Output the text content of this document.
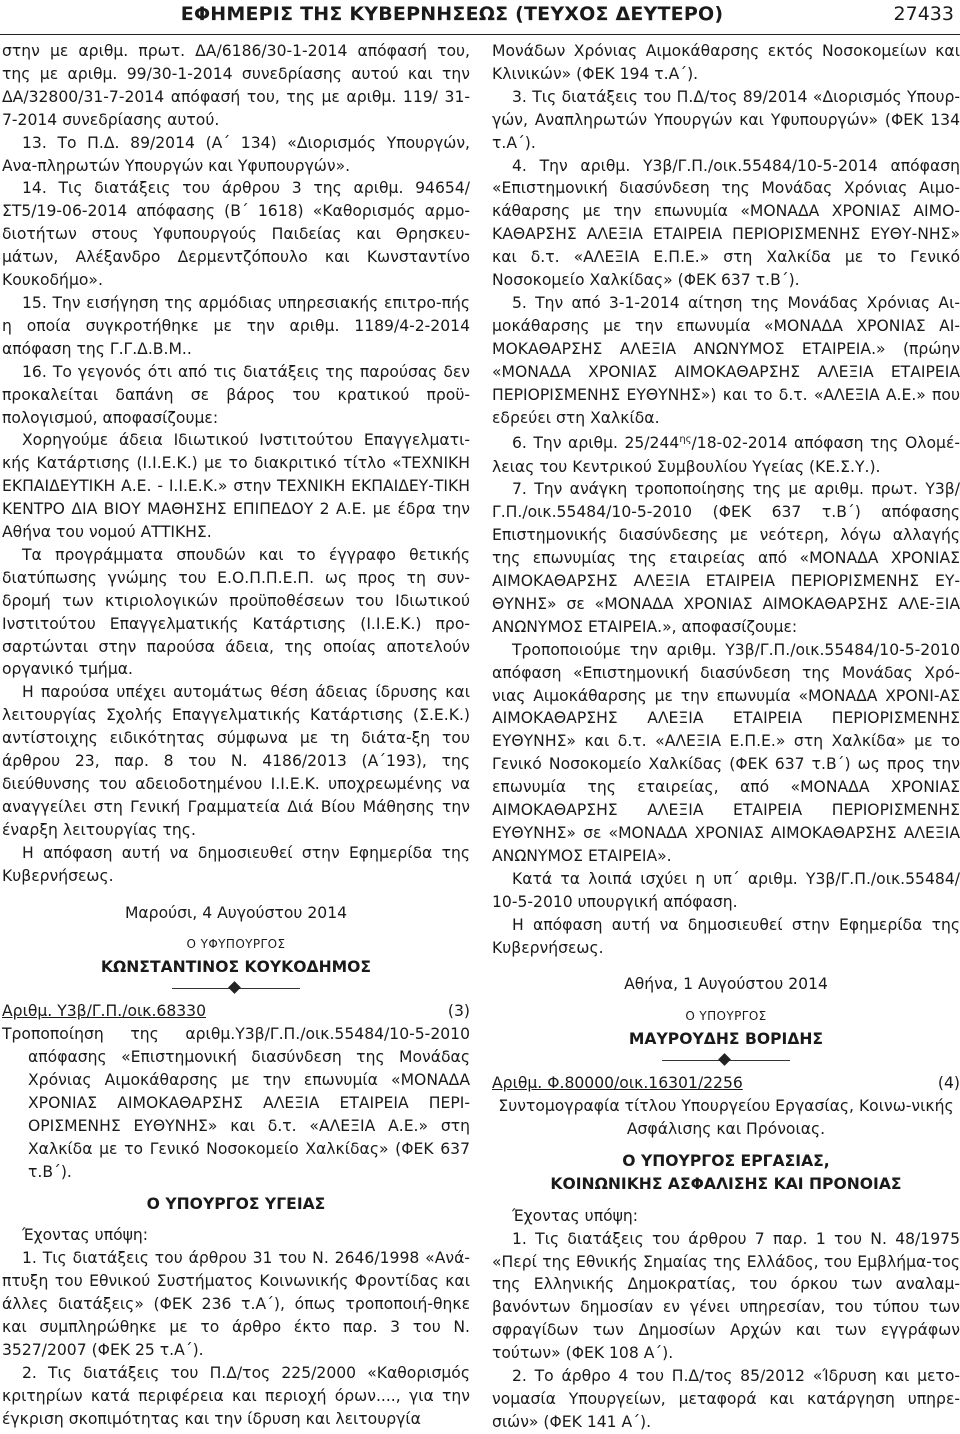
ΕΦΗΜΕΡΙΣ ΤΗΣ ΚΥΒΕΡΝΗΣΕΩΣ (ΤΕΥΧΟΣ ΔΕΥΤΕΡΟ)	27433

στην με αριθμ. πρωτ. ΔΑ/6186/30-1-2014 απόφασή του, της με αριθμ. 99/30-1-2014 συνεδρίασης αυτού και την ΔΑ/32800/31-7-2014 απόφασή του, της με αριθμ. 119/ 31-7-2014 συνεδρίασης αυτού.

13. Το Π.Δ. 89/2014 (Α΄ 134) «Διορισμός Υπουργών, Ανα-πληρωτών Υπουργών και Υφυπουργών».

14. Τις διατάξεις του άρθρου 3 της αριθμ. 94654/ ΣΤ5/19-06-2014 απόφασης (Β΄ 1618) «Καθορισμός αρμο-διοτήτων στους Υφυπουργούς Παιδείας και Θρησκευ-μάτων, Αλέξανδρο Δερμεντζόπουλο και Κωνσταντίνο Κουκοδήμο».

15. Την εισήγηση της αρμόδιας υπηρεσιακής επιτρο-πής η οποία συγκροτήθηκε με την αριθμ. 1189/4-2-2014 απόφαση της Γ.Γ.Δ.Β.Μ..

16. Το γεγονός ότι από τις διατάξεις της παρούσας δεν προκαλείται δαπάνη σε βάρος του κρατικού προϋ-πολογισμού, αποφασίζουμε:

Χορηγούμε άδεια Ιδιωτικού Ινστιτούτου Επαγγελματι-κής Κατάρτισης (Ι.Ι.Ε.Κ.) με το διακριτικό τίτλο «ΤΕΧΝΙΚΗ ΕΚΠΑΙΔΕΥΤΙΚΗ Α.Ε. - Ι.Ι.Ε.Κ.» στην ΤΕΧΝΙΚΗ ΕΚΠΑΙΔΕΥ-ΤΙΚΗ ΚΕΝΤΡΟ ΔΙΑ ΒΙΟΥ ΜΑΘΗΣΗΣ ΕΠΙΠΕΔΟΥ 2 Α.Ε. με έδρα την Αθήνα του νομού ΑΤΤΙΚΗΣ.

Τα προγράμματα σπουδών και το έγγραφο θετικής διατύπωσης γνώμης του Ε.Ο.Π.Π.Ε.Π. ως προς τη συν-δρομή των κτιριολογικών προϋποθέσεων του Ιδιωτικού Ινστιτούτου Επαγγελματικής Κατάρτισης (Ι.Ι.Ε.Κ.) προ-σαρτώνται στην παρούσα άδεια, της οποίας αποτελούν οργανικό τμήμα.

Η παρούσα υπέχει αυτομάτως θέση άδειας ίδρυσης και λειτουργίας Σχολής Επαγγελματικής Κατάρτισης (Σ.Ε.Κ.) αντίστοιχης ειδικότητας σύμφωνα με τη διάτα-ξη του άρθρου 23, παρ. 8 του Ν. 4186/2013 (Α΄193), της διεύθυνσης του αδειοδοτημένου Ι.Ι.Ε.Κ. υποχρεωμένης να αναγγείλει στη Γενική Γραμματεία Διά Βίου Μάθησης την έναρξη λειτουργίας της.

Η απόφαση αυτή να δημοσιευθεί στην Εφημερίδα της Κυβερνήσεως.

Μαρούσι, 4 Αυγούστου 2014

Ο ΥΦΥΠΟΥΡΓΟΣ

ΚΩΝΣΤΑΝΤΙΝΟΣ ΚΟΥΚΟΔΗΜΟΣ

Αριθμ. Υ3β/Γ.Π./οικ.68330	(3)

Τροποποίηση της αριθμ.Υ3β/Γ.Π./οικ.55484/10-5-2010 απόφασης «Επιστημονική διασύνδεση της Μονάδας Χρόνιας Αιμοκάθαρσης με την επωνυμία «ΜΟΝΑΔΑ ΧΡΟΝΙΑΣ ΑΙΜΟΚΑΘΑΡΣΗΣ ΑΛΕΞΙΑ ΕΤΑΙΡΕΙΑ ΠΕΡΙ-ΟΡΙΣΜΕΝΗΣ ΕΥΘΥΝΗΣ» και δ.τ. «ΑΛΕΞΙΑ Α.Ε.» στη Χαλκίδα με το Γενικό Νοσοκομείο Χαλκίδας» (ΦΕΚ 637 τ.Β΄).

Ο ΥΠΟΥΡΓΟΣ ΥΓΕΙΑΣ

Έχοντας υπόψη:

1. Τις διατάξεις του άρθρου 31 του Ν. 2646/1998 «Ανά-πτυξη του Εθνικού Συστήματος Κοινωνικής Φροντίδας και άλλες διατάξεις» (ΦΕΚ 236 τ.Α΄), όπως τροποποιή-θηκε και συμπληρώθηκε με το άρθρο έκτο παρ. 3 του Ν. 3527/2007 (ΦΕΚ 25 τ.Α΄).

2. Τις διατάξεις του Π.Δ/τος 225/2000 «Καθορισμός κριτηρίων κατά περιφέρεια και περιοχή όρων...., για την έγκριση σκοπιμότητας και την ίδρυση και λειτουργία

Μονάδων Χρόνιας Αιμοκάθαρσης εκτός Νοσοκομείων και Κλινικών» (ΦΕΚ 194 τ.Α΄).

3. Τις διατάξεις του Π.Δ/τος 89/2014 «Διορισμός Υπουρ-γών, Αναπληρωτών Υπουργών και Υφυπουργών» (ΦΕΚ 134 τ.Α΄).

4. Την αριθμ. Υ3β/Γ.Π./οικ.55484/10-5-2014 απόφαση «Επιστημονική διασύνδεση της Μονάδας Χρόνιας Αιμο-κάθαρσης με την επωνυμία «ΜΟΝΑΔΑ ΧΡΟΝΙΑΣ ΑΙΜΟ-ΚΑΘΑΡΣΗΣ ΑΛΕΞΙΑ ΕΤΑΙΡΕΙΑ ΠΕΡΙΟΡΙΣΜΕΝΗΣ ΕΥΘΥ-ΝΗΣ» και δ.τ. «ΑΛΕΞΙΑ Ε.Π.Ε.» στη Χαλκίδα με το Γενικό Νοσοκομείο Χαλκίδας» (ΦΕΚ 637 τ.Β΄).

5. Την από 3-1-2014 αίτηση της Μονάδας Χρόνιας Αι-μοκάθαρσης με την επωνυμία «ΜΟΝΑΔΑ ΧΡΟΝΙΑΣ ΑΙ-ΜΟΚΑΘΑΡΣΗΣ ΑΛΕΞΙΑ ΑΝΩΝΥΜΟΣ ΕΤΑΙΡΕΙΑ.» (πρώην «ΜΟΝΑΔΑ ΧΡΟΝΙΑΣ ΑΙΜΟΚΑΘΑΡΣΗΣ ΑΛΕΞΙΑ ΕΤΑΙΡΕΙΑ ΠΕΡΙΟΡΙΣΜΕΝΗΣ ΕΥΘΥΝΗΣ») και το δ.τ. «ΑΛΕΞΙΑ Α.Ε.» που εδρεύει στη Χαλκίδα.

6. Την αριθμ. $25/244^{\eta\varsigma}/18-02-2014$ απόφαση της Ολομέ-λειας του Κεντρικού Συμβουλίου Υγείας (ΚΕ.Σ.Υ.).

7. Την ανάγκη τροποποίησης της με αριθμ. πρωτ. Υ3β/Γ.Π./οικ.55484/10-5-2010 (ΦΕΚ 637 τ.Β΄) απόφασης Επιστημονικής διασύνδεσης με νεότερη, λόγω αλλαγής της επωνυμίας της εταιρείας από «ΜΟΝΑΔΑ ΧΡΟΝΙΑΣ ΑΙΜΟΚΑΘΑΡΣΗΣ ΑΛΕΞΙΑ ΕΤΑΙΡΕΙΑ ΠΕΡΙΟΡΙΣΜΕΝΗΣ ΕΥ-ΘΥΝΗΣ» σε «ΜΟΝΑΔΑ ΧΡΟΝΙΑΣ ΑΙΜΟΚΑΘΑΡΣΗΣ ΑΛΕ-ΞΙΑ ΑΝΩΝΥΜΟΣ ΕΤΑΙΡΕΙΑ.», αποφασίζουμε:

Τροποποιούμε την αριθμ. Υ3β/Γ.Π./οικ.55484/10-5-2010 απόφαση «Επιστημονική διασύνδεση της Μονάδας Χρό-νιας Αιμοκάθαρσης με την επωνυμία «ΜΟΝΑΔΑ ΧΡΟΝΙ-ΑΣ ΑΙΜΟΚΑΘΑΡΣΗΣ ΑΛΕΞΙΑ ΕΤΑΙΡΕΙΑ ΠΕΡΙΟΡΙΣΜΕΝΗΣ ΕΥΘΥΝΗΣ» και δ.τ. «ΑΛΕΞΙΑ Ε.Π.Ε.» στη Χαλκίδα» με το Γενικό Νοσοκομείο Χαλκίδας (ΦΕΚ 637 τ.Β΄) ως προς την επωνυμία της εταιρείας, από «ΜΟΝΑΔΑ ΧΡΟΝΙΑΣ ΑΙΜΟΚΑΘΑΡΣΗΣ ΑΛΕΞΙΑ ΕΤΑΙΡΕΙΑ ΠΕΡΙΟΡΙΣΜΕΝΗΣ ΕΥΘΥΝΗΣ» σε «ΜΟΝΑΔΑ ΧΡΟΝΙΑΣ ΑΙΜΟΚΑΘΑΡΣΗΣ ΑΛΕΞΙΑ ΑΝΩΝΥΜΟΣ ΕΤΑΙΡΕΙΑ».

Κατά τα λοιπά ισχύει η υπ΄ αριθμ. Υ3β/Γ.Π./οικ.55484/ 10-5-2010 υπουργική απόφαση.

Η απόφαση αυτή να δημοσιευθεί στην Εφημερίδα της Κυβερνήσεως.

Αθήνα, 1 Αυγούστου 2014

Ο ΥΠΟΥΡΓΟΣ

ΜΑΥΡΟΥΔΗΣ ΒΟΡΙΔΗΣ

Αριθμ. Φ.80000/οικ.16301/2256	(4)

Συντομογραφία τίτλου Υπουργείου Εργασίας, Κοινω-νικής Ασφάλισης και Πρόνοιας.

Ο ΥΠΟΥΡΓΟΣ ΕΡΓΑΣΙΑΣ,

ΚΟΙΝΩΝΙΚΗΣ ΑΣΦΑΛΙΣΗΣ ΚΑΙ ΠΡΟΝΟΙΑΣ

Έχοντας υπόψη:

1. Τις διατάξεις του άρθρου 7 παρ. 1 του Ν. 48/1975 «Περί της Εθνικής Σημαίας της Ελλάδος, του Εμβλήμα-τος της Ελληνικής Δημοκρατίας, του όρκου των αναλαμ-βανόντων δημοσίαν εν γένει υπηρεσίαν, του τύπου των σφραγίδων των Δημοσίων Αρχών και των εγγράφων τούτων» (ΦΕΚ 108 Α΄).

2. Το άρθρο 4 του Π.Δ/τος 85/2012 «Ίδρυση και μετο-νομασία Υπουργείων, μεταφορά και κατάργηση υπηρε-σιών» (ΦΕΚ 141 Α΄).
